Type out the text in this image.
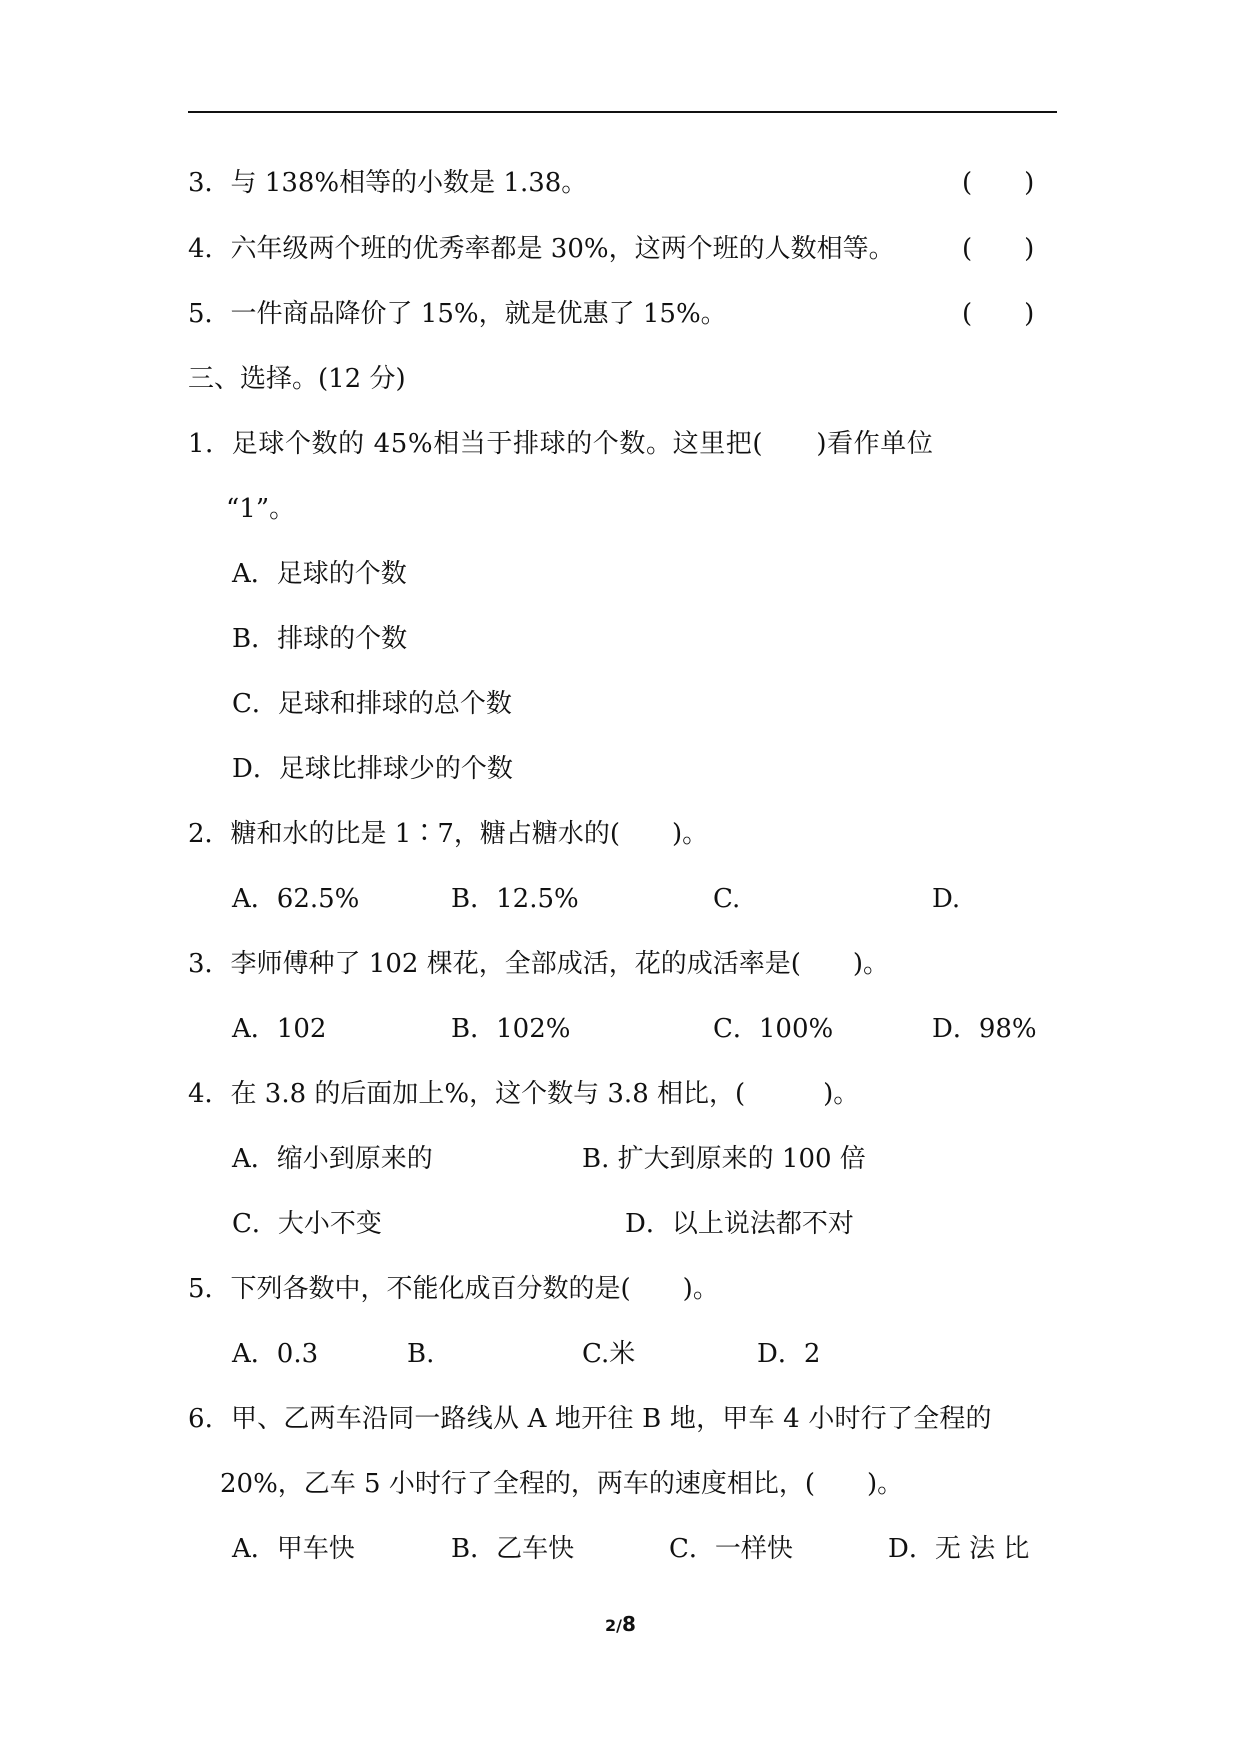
3．与 138%相等的小数是 1.38。	(　　)
4．六年级两个班的优秀率都是 30%，这两个班的人数相等。	(　　)
5．一件商品降价了 15%，就是优惠了 15%。	(　　)
三、选择。(12 分)
1．足球个数的 45%相当于排球的个数。这里把(　　)看作单位
“1”。
A．足球的个数
B．排球的个数
C．足球和排球的总个数
D．足球比排球少的个数
2．糖和水的比是 1∶7，糖占糖水的(　　)。
A．62.5%	B．12.5%	C.	D.
3．李师傅种了 102 棵花，全部成活，花的成活率是(　　)。
A．102	B．102%	C．100%	D．98%
4．在 3.8 的后面加上%，这个数与 3.8 相比，(　　　)。
A．缩小到原来的	B. 扩大到原来的 100 倍
C．大小不变	D．以上说法都不对
5．下列各数中，不能化成百分数的是(　　)。
A．0.3	B.	C.米	D．2
6．甲、乙两车沿同一路线从 A 地开往 B 地，甲车 4 小时行了全程的
20%，乙车 5 小时行了全程的，两车的速度相比，(　　)。
A．甲车快	B．乙车快	C．一样快	D．无 法 比
2/8
